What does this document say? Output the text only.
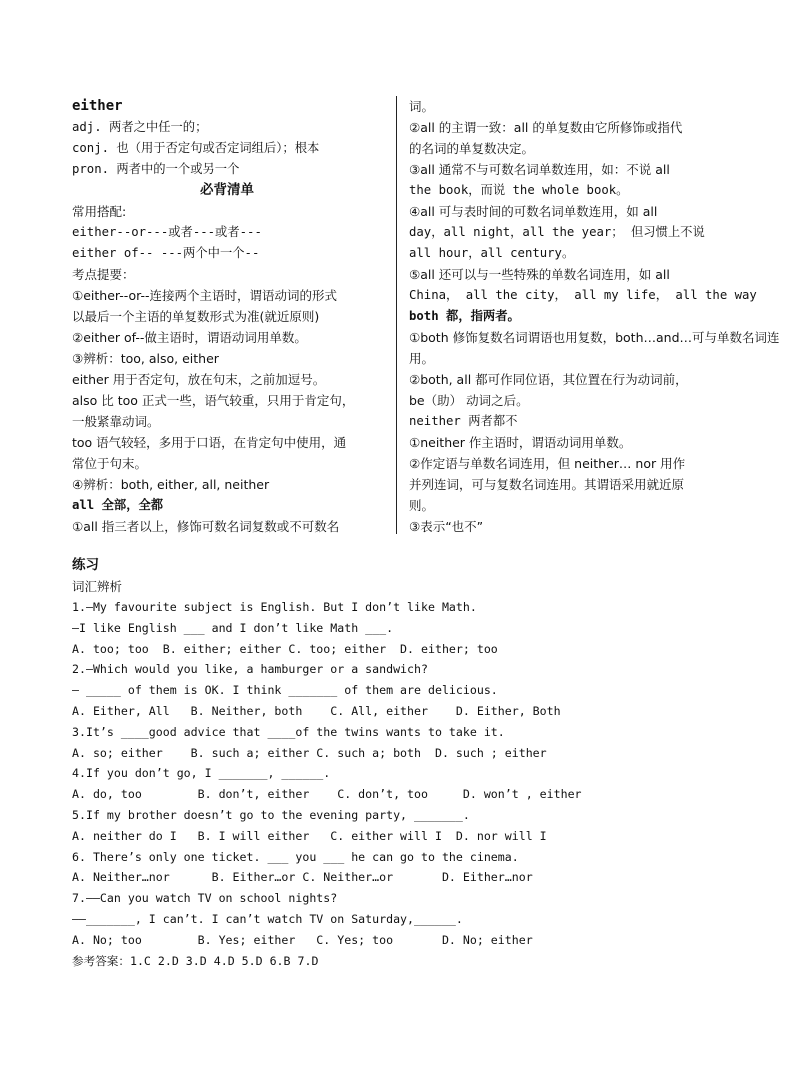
either
adj. 两者之中任一的；
conj. 也（用于否定句或否定词组后）；根本
pron. 两者中的一个或另一个
必背清单
常用搭配:
either--or---或者---或者---
either of-- ---两个中一个--
考点提要：
①either--or--连接两个主语时，谓语动词的形式
以最后一个主语的单复数形式为准(就近原则)
②either of--做主语时，谓语动词用单数。
③辨析：too, also, either
either 用于否定句，放在句末，之前加逗号。
also 比 too 正式一些，语气较重，只用于肯定句，
一般紧靠动词。
too 语气较轻，多用于口语，在肯定句中使用，通
常位于句末。
④辨析：both, either, all, neither
all 全部，全都
①all 指三者以上，修饰可数名词复数或不可数名
词。
②all 的主谓一致：all 的单复数由它所修饰或指代
的名词的单复数决定。
③all 通常不与可数名词单数连用，如：不说 all
the book，而说 the whole book。
④all 可与表时间的可数名词单数连用，如 all
day，all night，all the year； 但习惯上不说
all hour，all century。
⑤all 还可以与一些特殊的单数名词连用，如 all
China， all the city， all my life， all the way
both 都，指两者。
①both 修饰复数名词谓语也用复数，both…and…可与单数名词连
用。
②both, all 都可作同位语，其位置在行为动词前，
be（助） 动词之后。
neither 两者都不
①neither 作主语时，谓语动词用单数。
②作定语与单数名词连用，但 neither… nor 用作
并列连词，可与复数名词连用。其谓语采用就近原
则。
③表示“也不”
练习
词汇辨析
1.—My favourite subject is English. But I don’t like Math.
—I like English ___ and I don’t like Math ___.
A. too; too  B. either; either C. too; either  D. either; too
2.—Which would you like, a hamburger or a sandwich?
— _____ of them is OK. I think _______ of them are delicious.
A. Either, All   B. Neither, both    C. All, either    D. Either, Both
3.It’s ____good advice that ____of the twins wants to take it.
A. so; either    B. such a; either C. such a; both  D. such ; either
4.If you don’t go, I _______, ______.
A. do, too        B. don’t, either    C. don’t, too     D. won’t , either
5.If my brother doesn’t go to the evening party, _______.
A. neither do I   B. I will either   C. either will I  D. nor will I
6. There’s only one ticket. ___ you ___ he can go to the cinema.
A. Neither…nor      B. Either…or C. Neither…or       D. Either…nor
7.——Can you watch TV on school nights?
——_______, I can’t. I can’t watch TV on Saturday,______.
A. No; too        B. Yes; either   C. Yes; too       D. No; either
参考答案：1.C 2.D 3.D 4.D 5.D 6.B 7.D
